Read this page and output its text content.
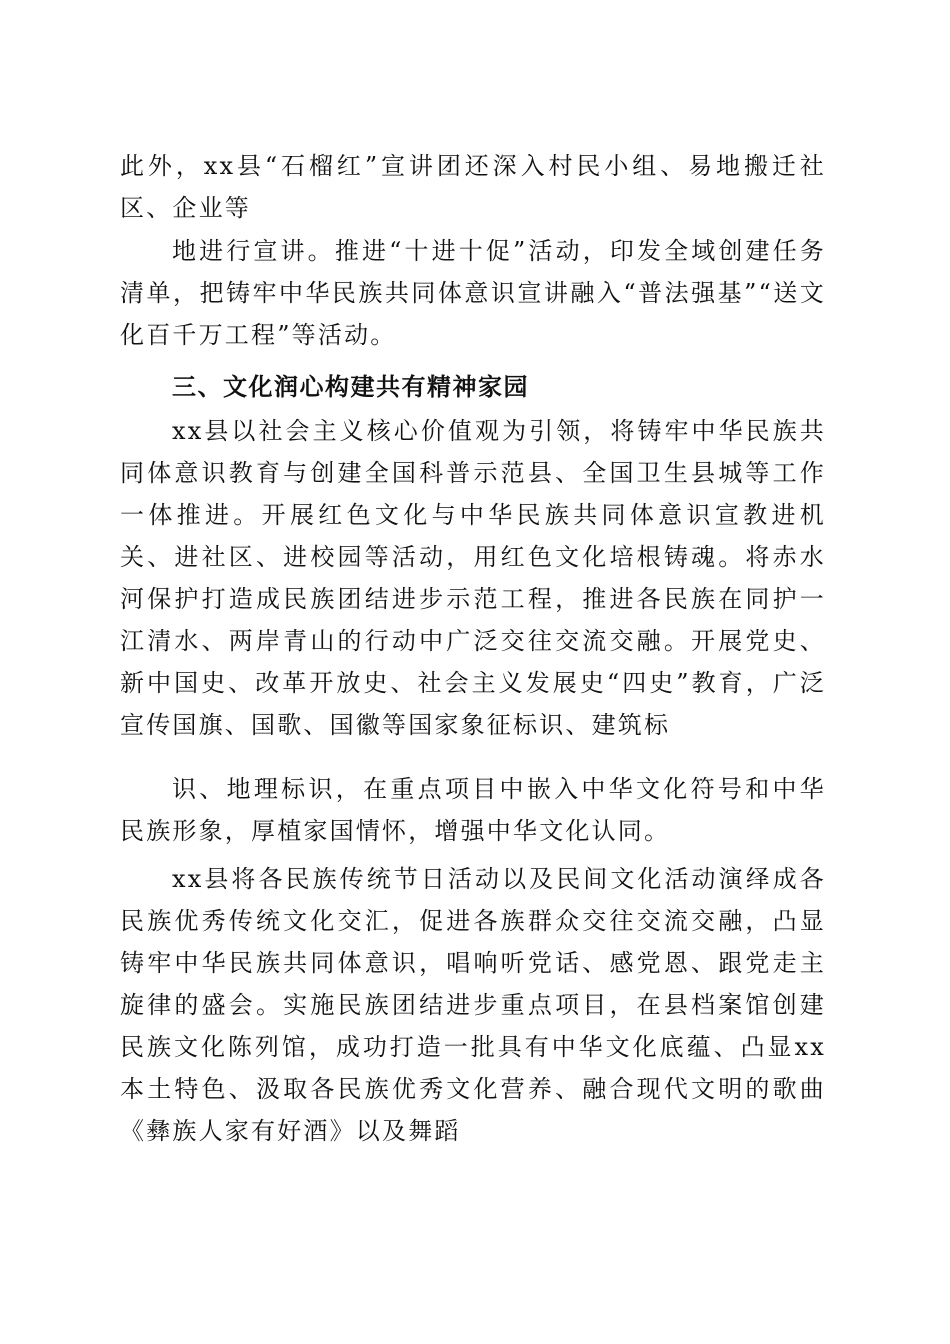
此外，xx县“石榴红”宣讲团还深入村民小组、易地搬迁社区、企业等

地进行宣讲。推进“十进十促”活动，印发全域创建任务清单，把铸牢中华民族共同体意识宣讲融入“普法强基”“送文化百千万工程”等活动。

三、文化润心构建共有精神家园

xx县以社会主义核心价值观为引领，将铸牢中华民族共同体意识教育与创建全国科普示范县、全国卫生县城等工作一体推进。开展红色文化与中华民族共同体意识宣教进机关、进社区、进校园等活动，用红色文化培根铸魂。将赤水河保护打造成民族团结进步示范工程，推进各民族在同护一江清水、两岸青山的行动中广泛交往交流交融。开展党史、新中国史、改革开放史、社会主义发展史“四史”教育，广泛宣传国旗、国歌、国徽等国家象征标识、建筑标

识、地理标识，在重点项目中嵌入中华文化符号和中华民族形象，厚植家国情怀，增强中华文化认同。

xx县将各民族传统节日活动以及民间文化活动演绎成各民族优秀传统文化交汇，促进各族群众交往交流交融，凸显铸牢中华民族共同体意识，唱响听党话、感党恩、跟党走主旋律的盛会。实施民族团结进步重点项目，在县档案馆创建民族文化陈列馆，成功打造一批具有中华文化底蕴、凸显xx本土特色、汲取各民族优秀文化营养、融合现代文明的歌曲《彝族人家有好酒》以及舞蹈
